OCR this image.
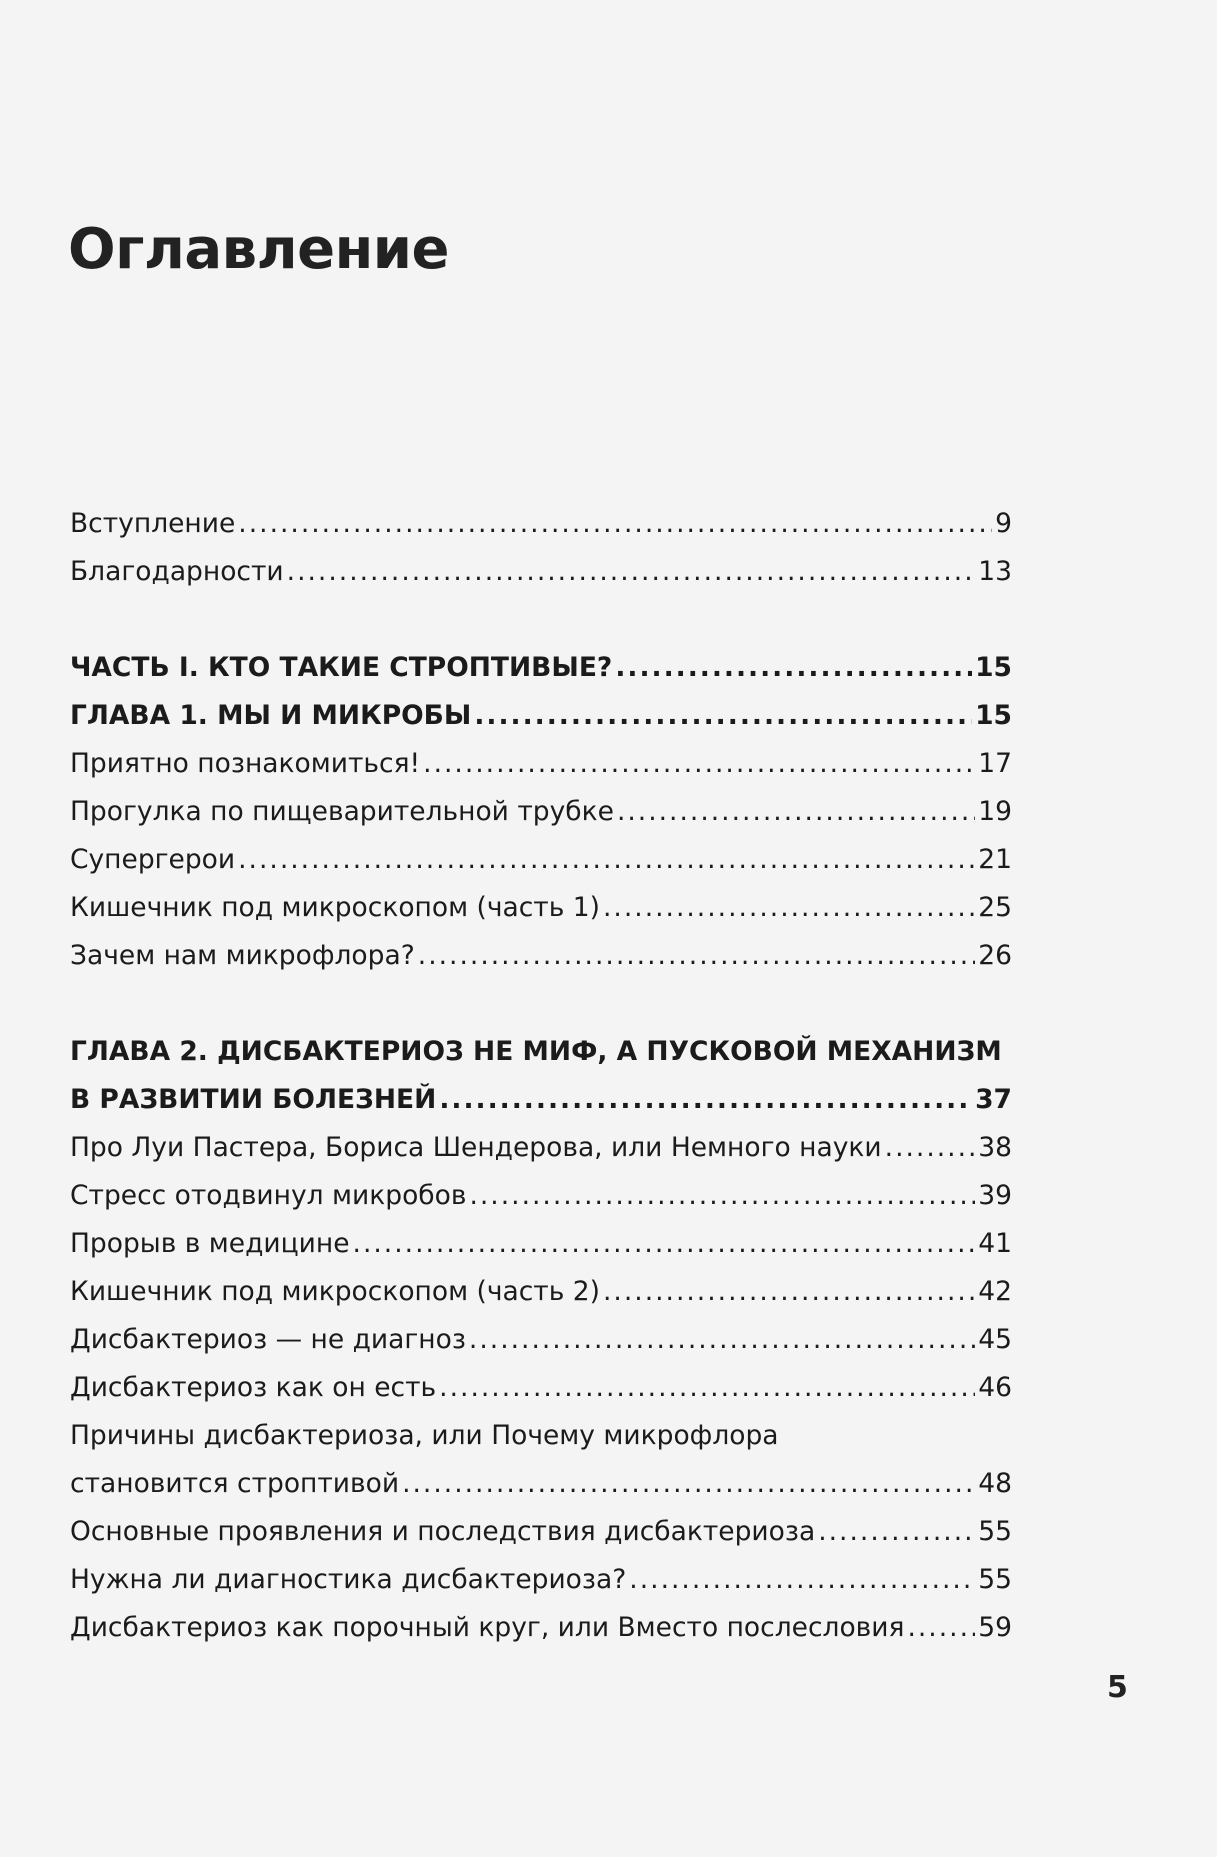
Оглавление
Вступление .....	9
Благодарности .....	13
ЧАСТЬ I. КТО ТАКИЕ СТРОПТИВЫЕ? .....	15
ГЛАВА 1. МЫ И МИКРОБЫ .....	15
Приятно познакомиться! .....	17
Прогулка по пищеварительной трубке .....	19
Супергерои .....	21
Кишечник под микроскопом (часть 1) .....	25
Зачем нам микрофлора? .....	26
ГЛАВА 2. ДИСБАКТЕРИОЗ НЕ МИФ, А ПУСКОВОЙ МЕХАНИЗМ
В РАЗВИТИИ БОЛЕЗНЕЙ .....	37
Про Луи Пастера, Бориса Шендерова, или Немного науки .....	38
Стресс отодвинул микробов .....	39
Прорыв в медицине .....	41
Кишечник под микроскопом (часть 2) .....	42
Дисбактериоз — не диагноз .....	45
Дисбактериоз как он есть .....	46
Причины дисбактериоза, или Почему микрофлора
становится строптивой .....	48
Основные проявления и последствия дисбактериоза .....	55
Нужна ли диагностика дисбактериоза? .....	55
Дисбактериоз как порочный круг, или Вместо послесловия .....	59
5
